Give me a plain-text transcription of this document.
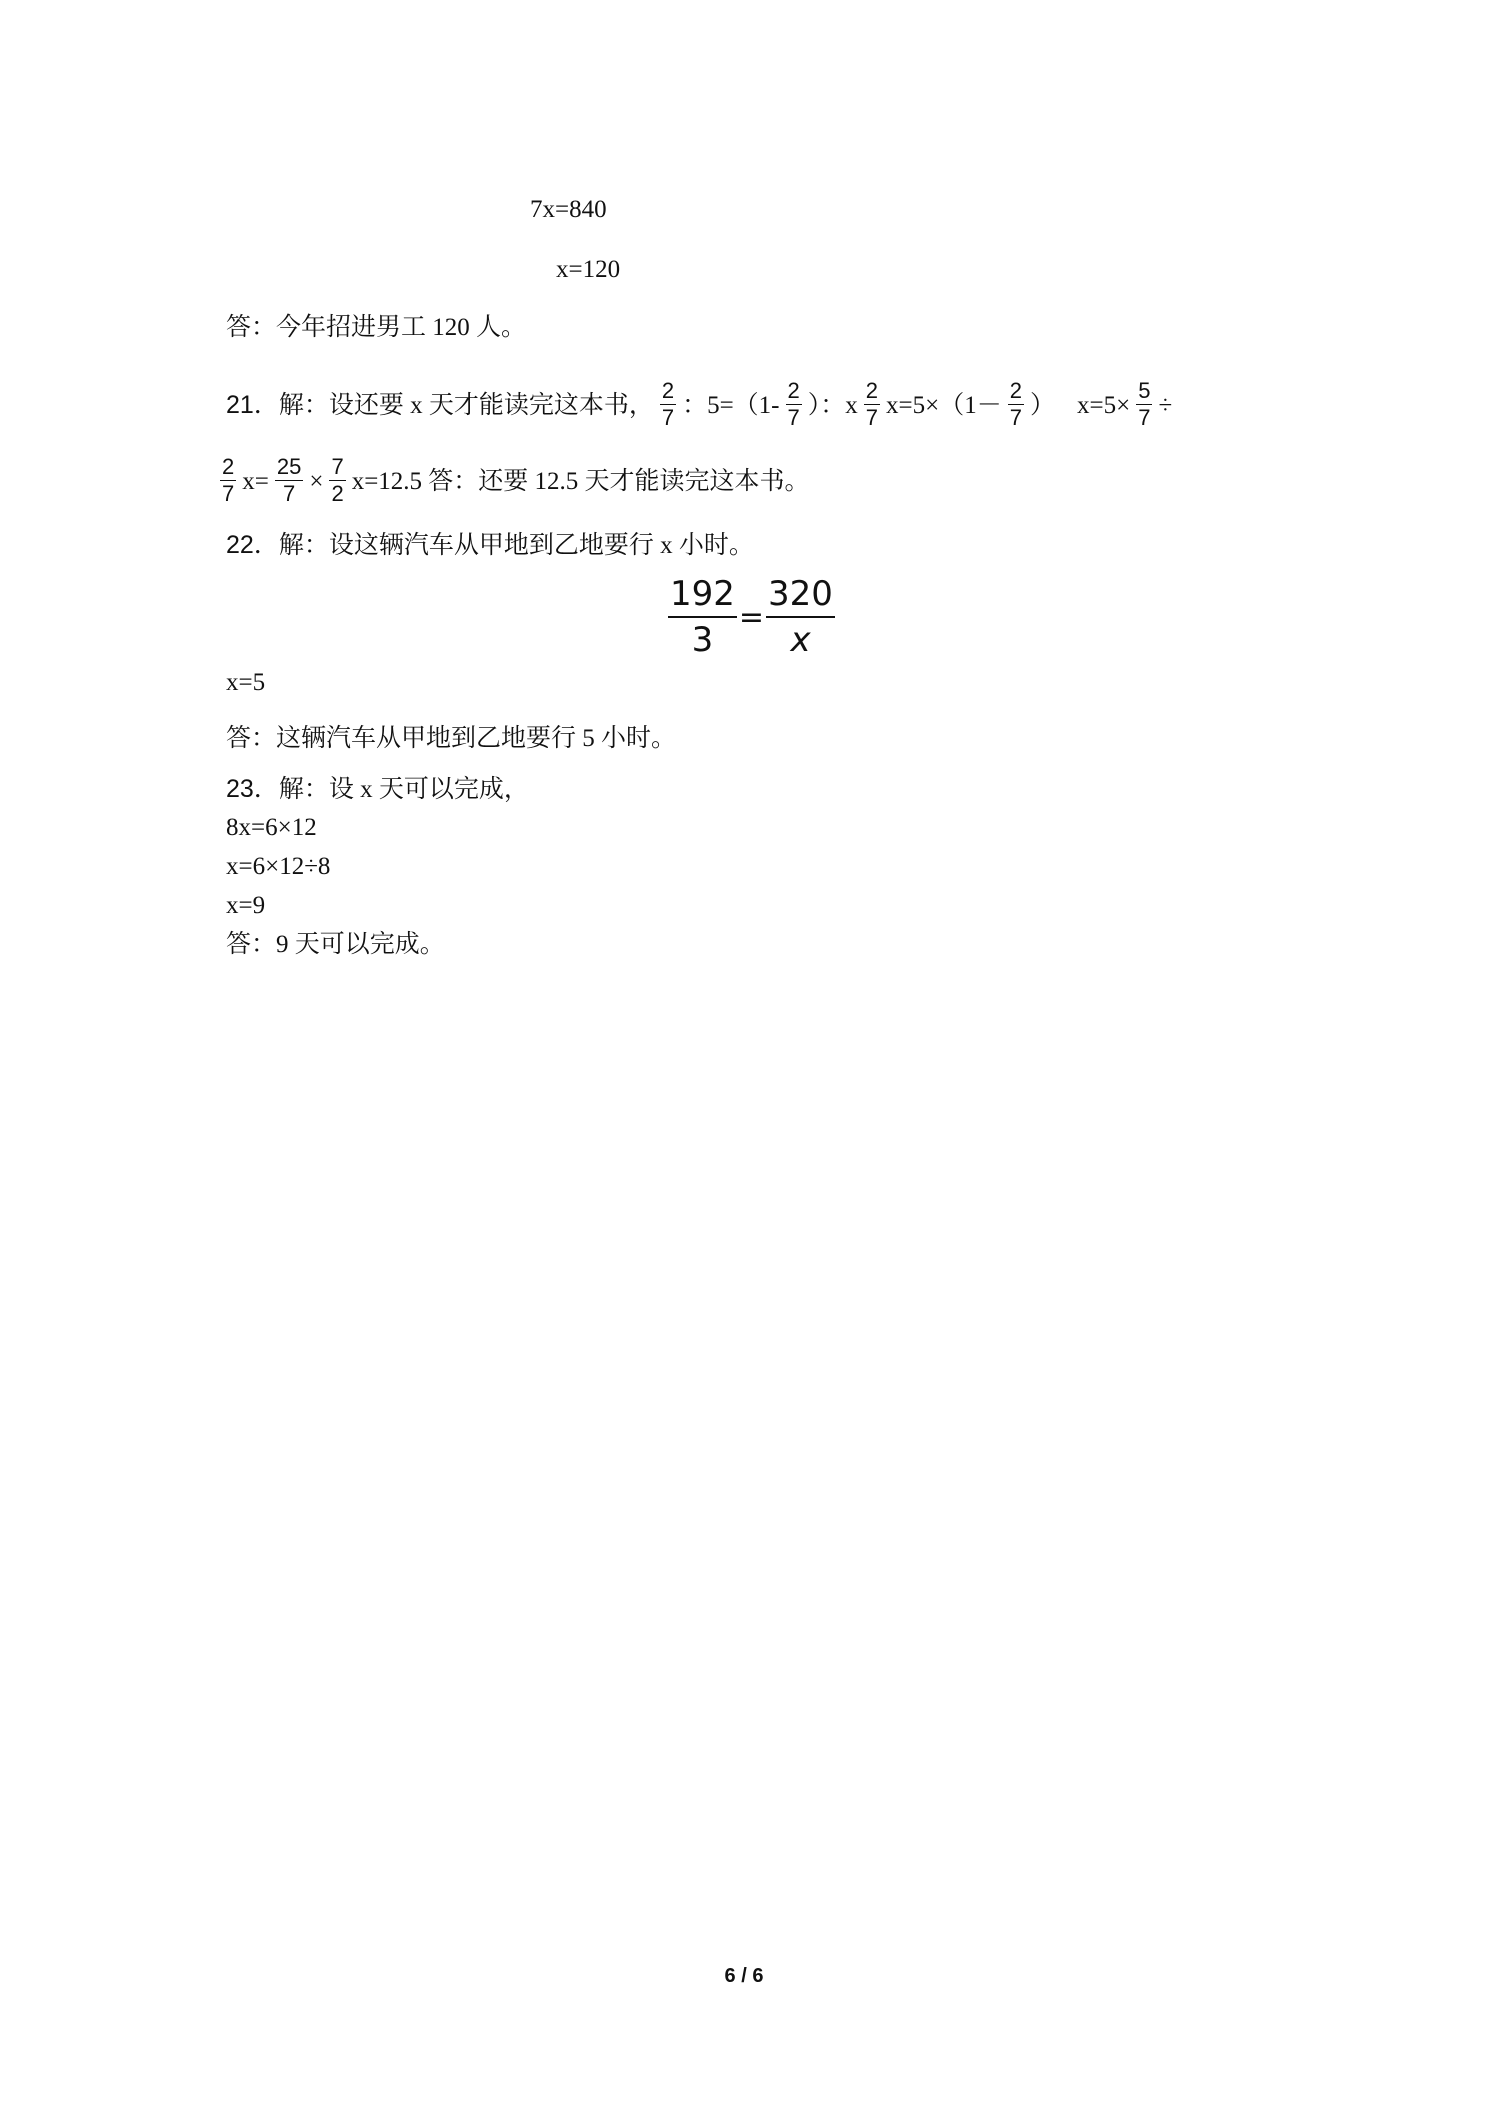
7x=840
x=120
答：今年招进男工 120 人。
21．解：设还要 x 天才能读完这本书， $\frac{2}{7}$ ：$5=(1- \frac{2}{7}$ ）：x $\frac{2}{7} x=5\times(1- \frac{2}{7}$ ） $x=5\times \frac{5}{7}$ ÷
$\frac{2}{7} x= \frac{25}{7} \times \frac{7}{2} x=12.5$ 答：还要 12.5 天才能读完这本书。
22．解：设这辆汽车从甲地到乙地要行 x 小时。
$\frac{192}{3} = \frac{320}{x}$
x=5
答：这辆汽车从甲地到乙地要行 5 小时。
23．解：设 x 天可以完成，
8x=6×12
x=6×12÷8
x=9
答：9 天可以完成。
6 / 6
